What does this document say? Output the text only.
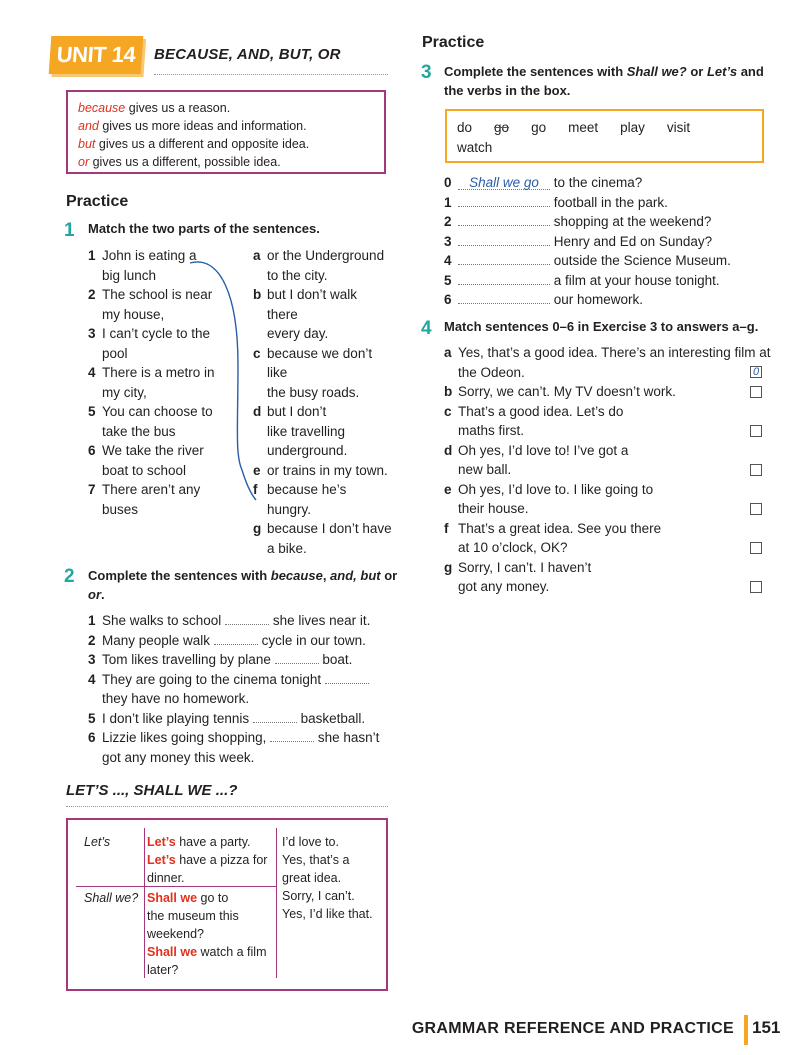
UNIT 14	BECAUSE, AND, BUT, OR
because gives us a reason.
and gives us more ideas and information.
but gives us a different and opposite idea.
or gives us a different, possible idea.
Practice
1 Match the two parts of the sentences.
1 John is eating a
big lunch
2 The school is near
my house,
3 I can’t cycle to the
pool
4 There is a metro in
my city,
5 You can choose to
take the bus
6 We take the river
boat to school
7 There aren’t any
buses
a or the Underground
to the city.
b but I don’t walk
there
every day.
c because we don’t
like
the busy roads.
d but I don’t
like travelling
underground.
e or trains in my town.
f because he’s
hungry.
g because I don’t have
a bike.
2 Complete the sentences with because, and, but or
or.
1 She walks to school	she lives near it.
2 Many people walk	cycle in our town.
3 Tom likes travelling by plane	boat.
4 They are going to the cinema tonight
they have no homework.
5 I don’t like playing tennis	basketball.
6 Lizzie likes going shopping,	she hasn’t
got any money this week.
LET’S ..., SHALL WE ...?
Let’s	Let’s have a party.
Let’s have a pizza for
dinner.
Shall we? Shall we go to
the museum this
weekend?
Shall we watch a film
later?
I’d love to.
Yes, that’s a
great idea.
Sorry, I can’t.
Yes, I’d like that.
Practice
3 Complete the sentences with Shall we? or Let’s and
the verbs in the box.
do go go meet play visit
watch
0 Shall we go to the cinema?
1	football in the park.
2	shopping at the weekend?
3	Henry and Ed on Sunday?
4	outside the Science Museum.
5	a film at your house tonight.
6	our homework.
4 Match sentences 0–6 in Exercise 3 to answers a–g.
a Yes, that’s a good idea. There’s an interesting film at
the Odeon.
b Sorry, we can’t. My TV doesn’t work.
c That’s a good idea. Let’s do
maths first.
d Oh yes, I’d love to! I’ve got a
new ball.
e Oh yes, I’d love to. I like going to
their house.
f That’s a great idea. See you there
at 10 o’clock, OK?
g Sorry, I can’t. I haven’t
got any money.
0
GRAMMAR REFERENCE AND PRACTICE 151
